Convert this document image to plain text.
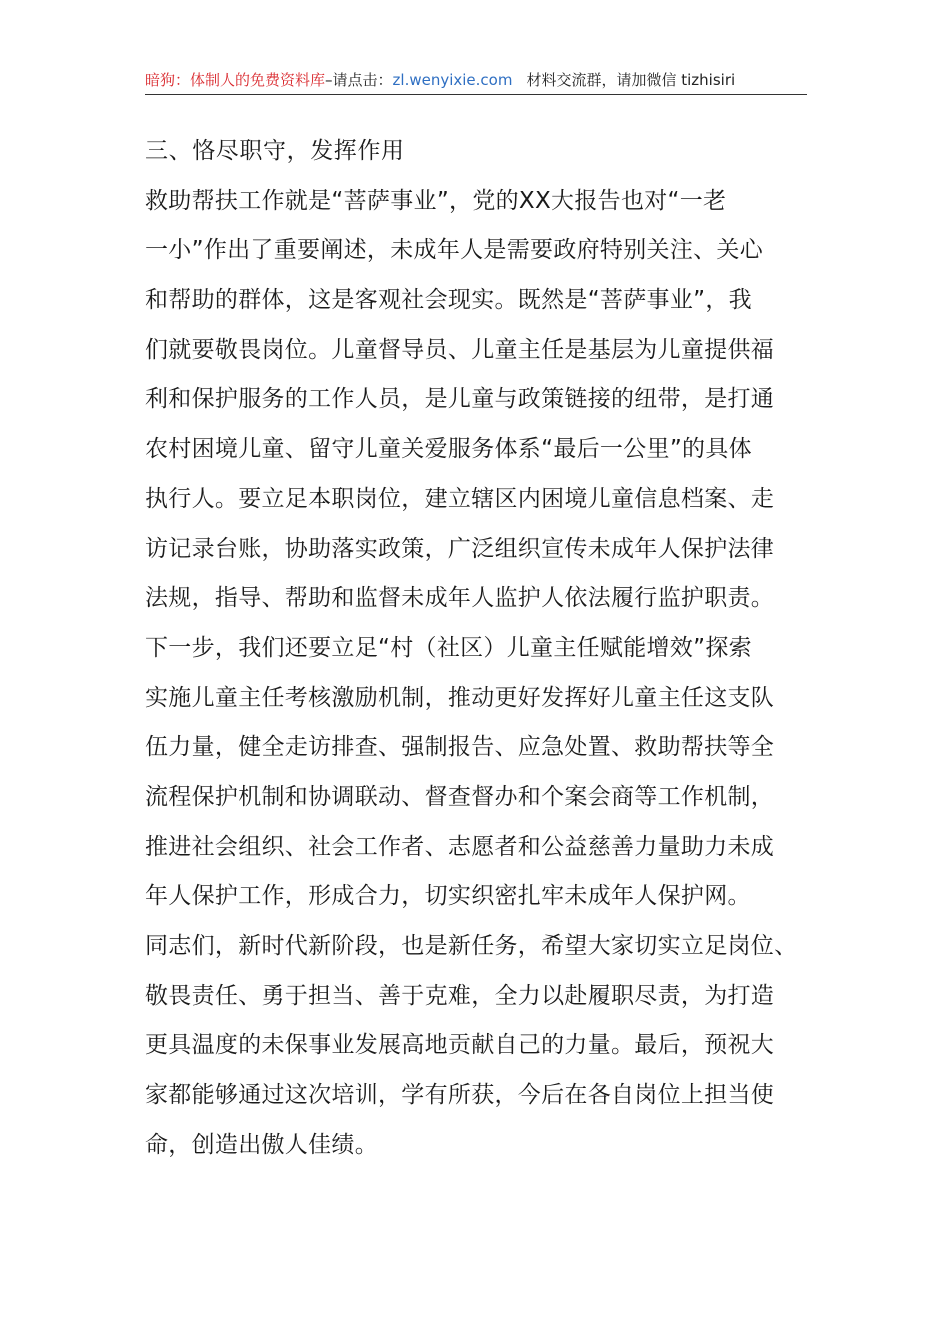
暗狗：体制人的免费资料库–请点击：zl.wenyixie.com 材料交流群，请加微信 tizhisiri
三、恪尽职守，发挥作用
救助帮扶工作就是“菩萨事业”，党的XX大报告也对“一老
一小”作出了重要阐述，未成年人是需要政府特别关注、关心
和帮助的群体，这是客观社会现实。既然是“菩萨事业”，我
们就要敬畏岗位。儿童督导员、儿童主任是基层为儿童提供福
利和保护服务的工作人员，是儿童与政策链接的纽带，是打通
农村困境儿童、留守儿童关爱服务体系“最后一公里”的具体
执行人。要立足本职岗位，建立辖区内困境儿童信息档案、走
访记录台账，协助落实政策，广泛组织宣传未成年人保护法律
法规，指导、帮助和监督未成年人监护人依法履行监护职责。
下一步，我们还要立足“村（社区）儿童主任赋能增效”探索
实施儿童主任考核激励机制，推动更好发挥好儿童主任这支队
伍力量，健全走访排查、强制报告、应急处置、救助帮扶等全
流程保护机制和协调联动、督查督办和个案会商等工作机制，
推进社会组织、社会工作者、志愿者和公益慈善力量助力未成
年人保护工作，形成合力，切实织密扎牢未成年人保护网。
同志们，新时代新阶段，也是新任务，希望大家切实立足岗位、
敬畏责任、勇于担当、善于克难，全力以赴履职尽责，为打造
更具温度的未保事业发展高地贡献自己的力量。最后，预祝大
家都能够通过这次培训，学有所获，今后在各自岗位上担当使
命，创造出傲人佳绩。
